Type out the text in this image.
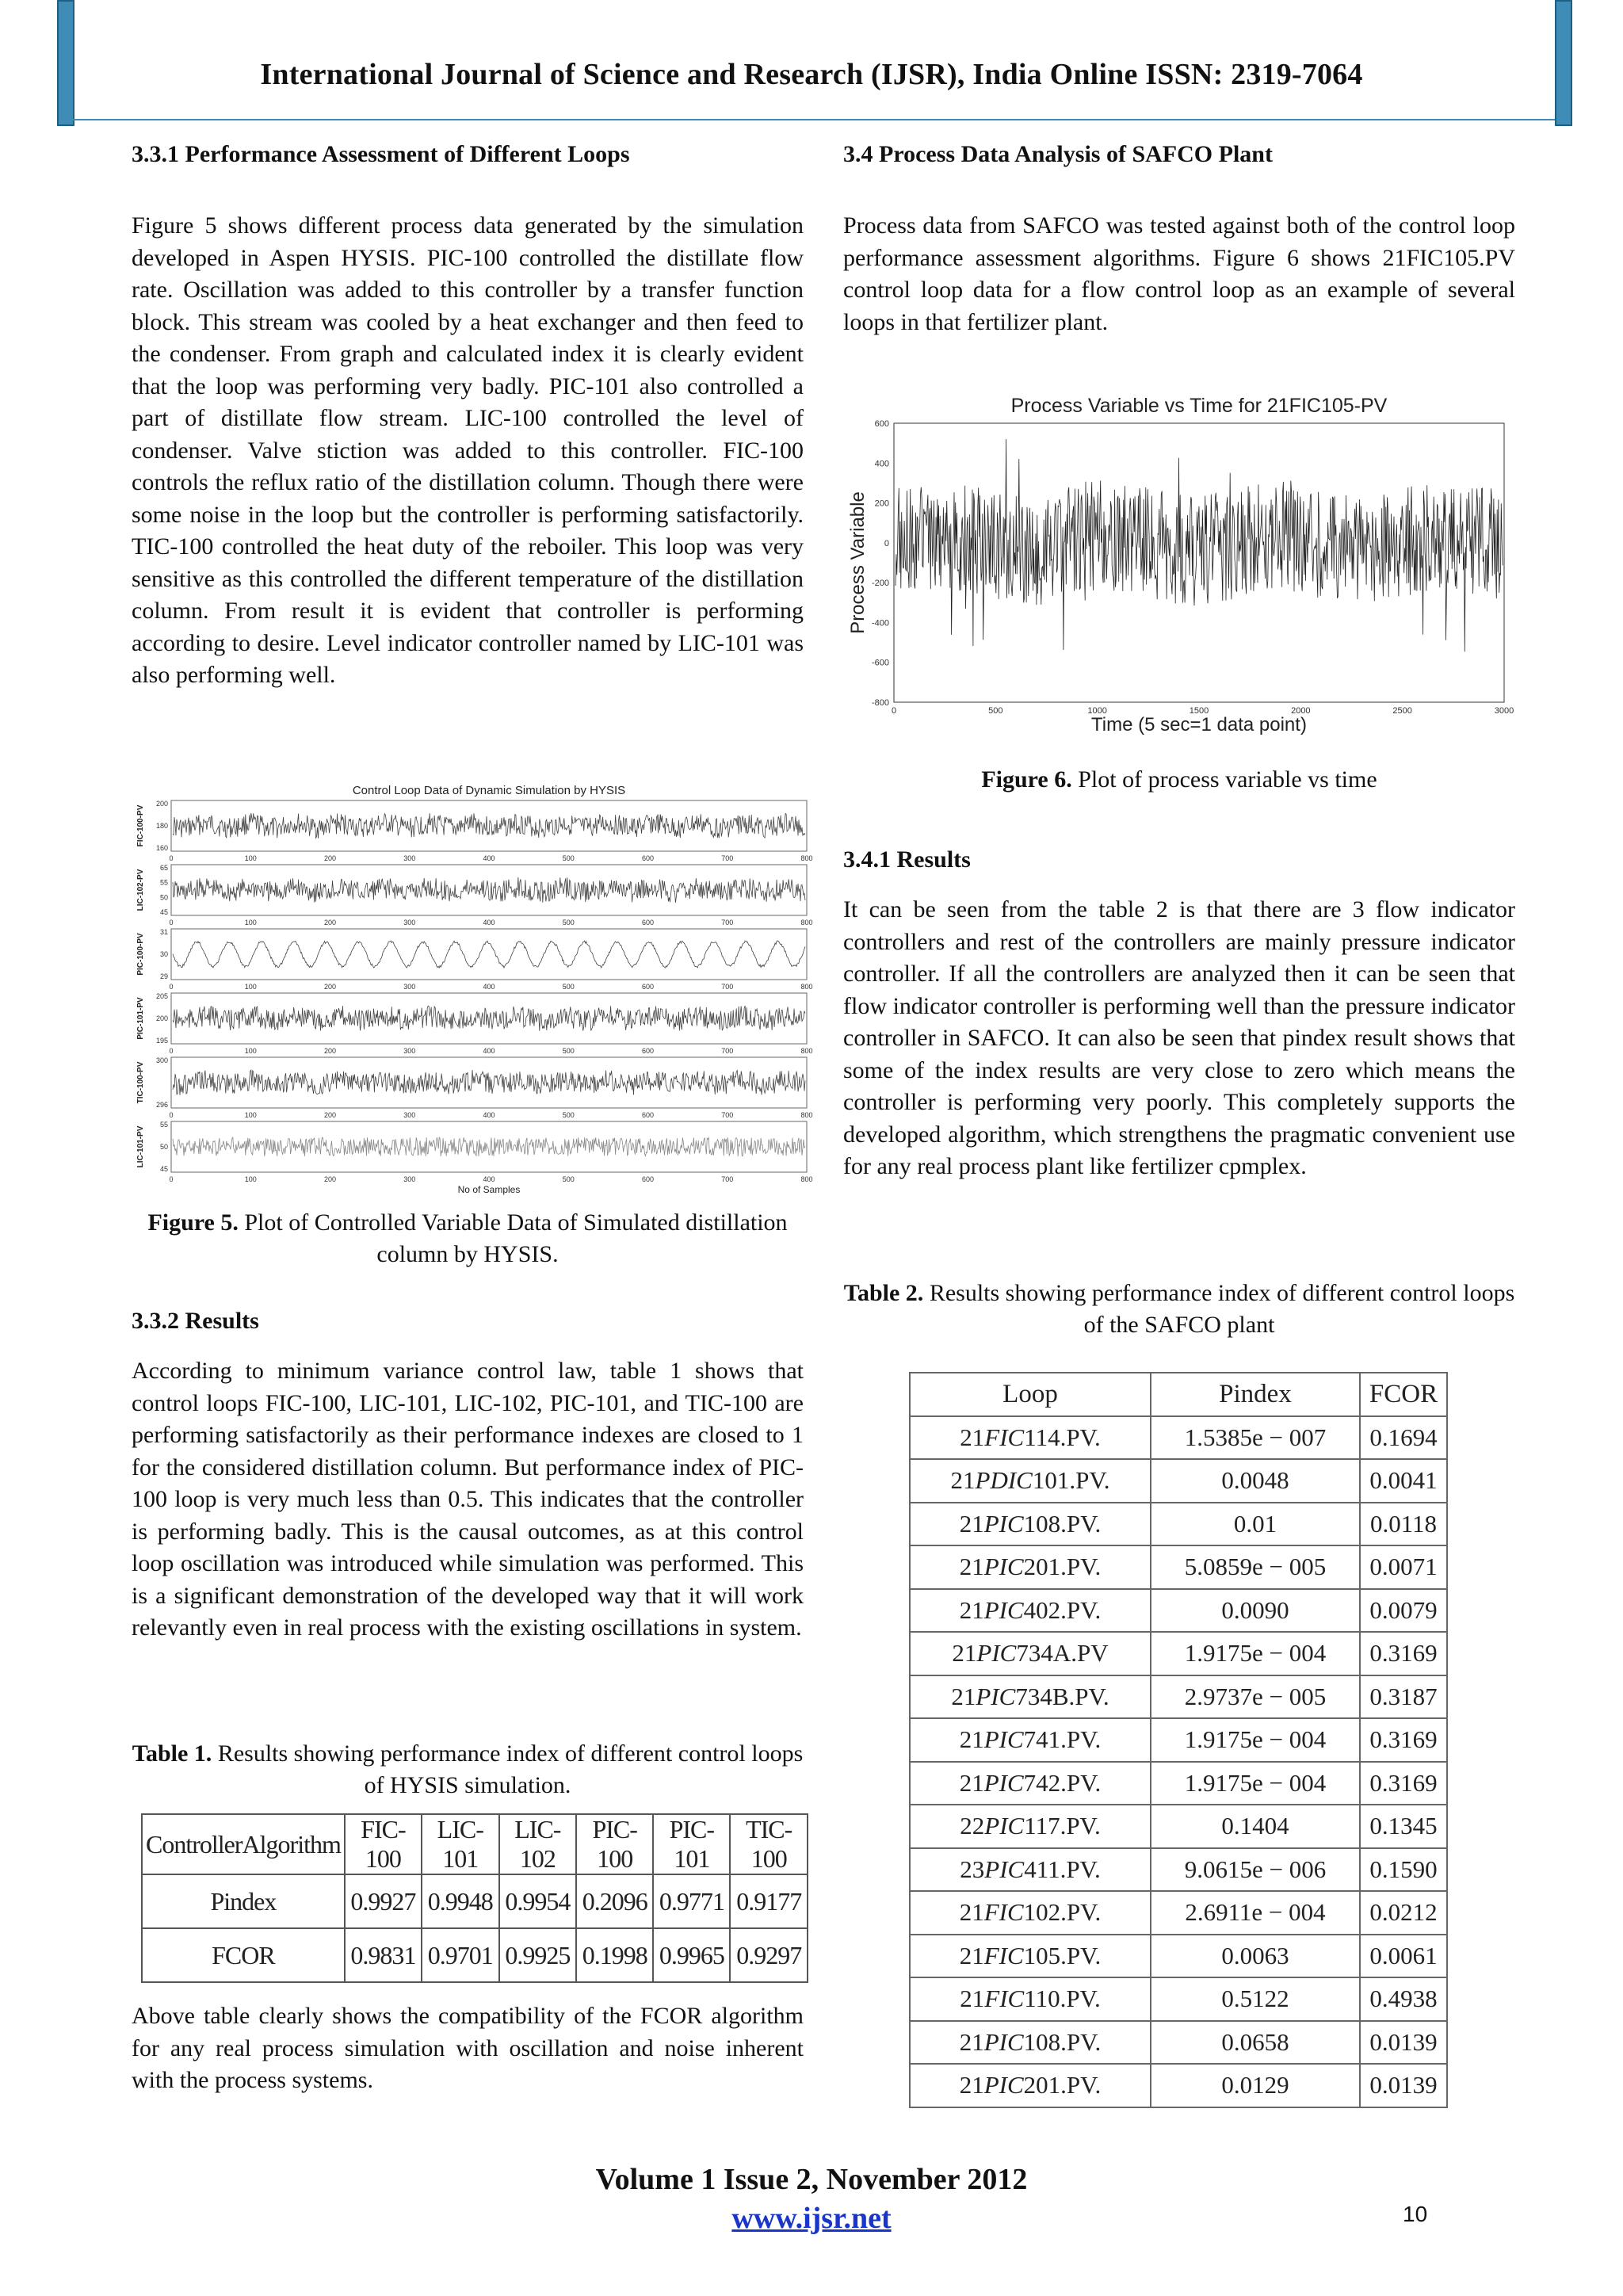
International Journal of Science and Research (IJSR), India Online ISSN: 2319-7064
3.3.1 Performance Assessment of Different Loops

Figure 5 shows different process data generated by the simulation developed in Aspen HYSIS. PIC-100 controlled the distillate flow rate. Oscillation was added to this controller by a transfer function block. This stream was cooled by a heat exchanger and then feed to the condenser. From graph and calculated index it is clearly evident that the loop was performing very badly. PIC-101 also controlled a part of distillate flow stream. LIC-100 controlled the level of condenser. Valve stiction was added to this controller. FIC-100 controls the reflux ratio of the distillation column. Though there were some noise in the loop but the controller is performing satisfactorily. TIC-100 controlled the heat duty of the reboiler. This loop was very sensitive as this controlled the different temperature of the distillation column. From result it is evident that controller is performing according to desire. Level indicator controller named by LIC-101 was also performing well.

Control Loop Data of Dynamic Simulation by HYSIS
200
180
160
FIC-100-PV
0	100	200	300	400	500	600	700	800
65
55
50
45
LIC-102-PV
0	100	200	300	400	500	600	700	800
31
30
29
PIC-100-PV
0	100	200	300	400	500	600	700	800
205
200
195
PIC-101-PV
0	100	200	300	400	500	600	700	800
300
296
TIC-100-PV
0	100	200	300	400	500	600	700	800
55
50
45
LIC-101-PV
0	100	200	300	400	500	600	700	800
No of Samples
Figure 5. Plot of Controlled Variable Data of Simulated distillation column by HYSIS.
3.3.2 Results

According to minimum variance control law, table 1 shows that control loops FIC-100, LIC-101, LIC-102, PIC-101, and TIC-100 are performing satisfactorily as their performance indexes are closed to 1 for the considered distillation column. But performance index of PIC-100 loop is very much less than 0.5. This indicates that the controller is performing badly. This is the causal outcomes, as at this control loop oscillation was introduced while simulation was performed. This is a significant demonstration of the developed way that it will work relevantly even in real process with the existing oscillations in system.

Table 1. Results showing performance index of different control loops of HYSIS simulation.
ControllerAlgorithm	FIC-100	LIC-101	LIC-102	PIC-100	PIC-101	TIC-100
Pindex	0.9927	0.9948	0.9954	0.2096	0.9771	0.9177
FCOR	0.9831	0.9701	0.9925	0.1998	0.9965	0.9297

Above table clearly shows the compatibility of the FCOR algorithm for any real process simulation with oscillation and noise inherent with the process systems.

3.4 Process Data Analysis of SAFCO Plant

Process data from SAFCO was tested against both of the control loop performance assessment algorithms. Figure 6 shows 21FIC105.PV control loop data for a flow control loop as an example of several loops in that fertilizer plant.

Process Variable vs Time for 21FIC105-PV
600
400
200
0
-200
-400
-600
-800
0	500	1000	1500	2000	2500	3000
Time (5 sec=1 data point)
Process Variable
Figure 6. Plot of process variable vs time
3.4.1 Results

It can be seen from the table 2 is that there are 3 flow indicator controllers and rest of the controllers are mainly pressure indicator controller. If all the controllers are analyzed then it can be seen that flow indicator controller is performing well than the pressure indicator controller in SAFCO. It can also be seen that pindex result shows that some of the index results are very close to zero which means the controller is performing very poorly. This completely supports the developed algorithm, which strengthens the pragmatic convenient use for any real process plant like fertilizer cpmplex.

Table 2. Results showing performance index of different control loops of the SAFCO plant
Loop	Pindex	FCOR
21FIC114.PV.	1.5385e − 007	0.1694
21PDIC101.PV.	0.0048	0.0041
21PIC108.PV.	0.01	0.0118
21PIC201.PV.	5.0859e − 005	0.0071
21PIC402.PV.	0.0090	0.0079
21PIC734A.PV	1.9175e − 004	0.3169
21PIC734B.PV.	2.9737e − 005	0.3187
21PIC741.PV.	1.9175e − 004	0.3169
21PIC742.PV.	1.9175e − 004	0.3169
22PIC117.PV.	0.1404	0.1345
23PIC411.PV.	9.0615e − 006	0.1590
21FIC102.PV.	2.6911e − 004	0.0212
21FIC105.PV.	0.0063	0.0061
21FIC110.PV.	0.5122	0.4938
21PIC108.PV.	0.0658	0.0139
21PIC201.PV.	0.0129	0.0139
Volume 1 Issue 2, November 2012
www.ijsr.net	10
